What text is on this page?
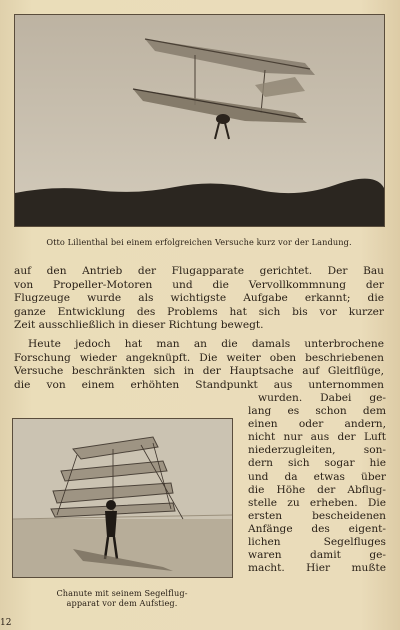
Otto Lilienthal bei einem erfolgreichen Versuche kurz vor der Landung.
auf den Antrieb der Flugapparate gerichtet. Der Bau
von Propeller-Motoren und die Vervollkommnung der
Flugzeuge wurde als wichtigste Aufgabe erkannt; die
ganze Entwicklung des Problems hat sich bis vor kurzer
Zeit ausschließlich in dieser Richtung bewegt.
Heute jedoch hat man an die damals unterbrochene
Forschung wieder angeknüpft. Die weiter oben beschriebenen
Versuche beschränkten sich in der Hauptsache auf Gleitflüge,
die von einem erhöhten Standpunkt aus unternommen
Chanute mit seinem Segelflug-
apparat vor dem Aufstieg.
wurden. Dabei ge-
lang es schon dem
einen oder andern,
nicht nur aus der Luft
niederzugleiten, son-
dern sich sogar hie
und da etwas über
die Höhe der Abflug-
stelle zu erheben. Die
ersten bescheidenen
Anfänge des eigent-
lichen Segelfluges
waren damit ge-
macht. Hier mußte
12
